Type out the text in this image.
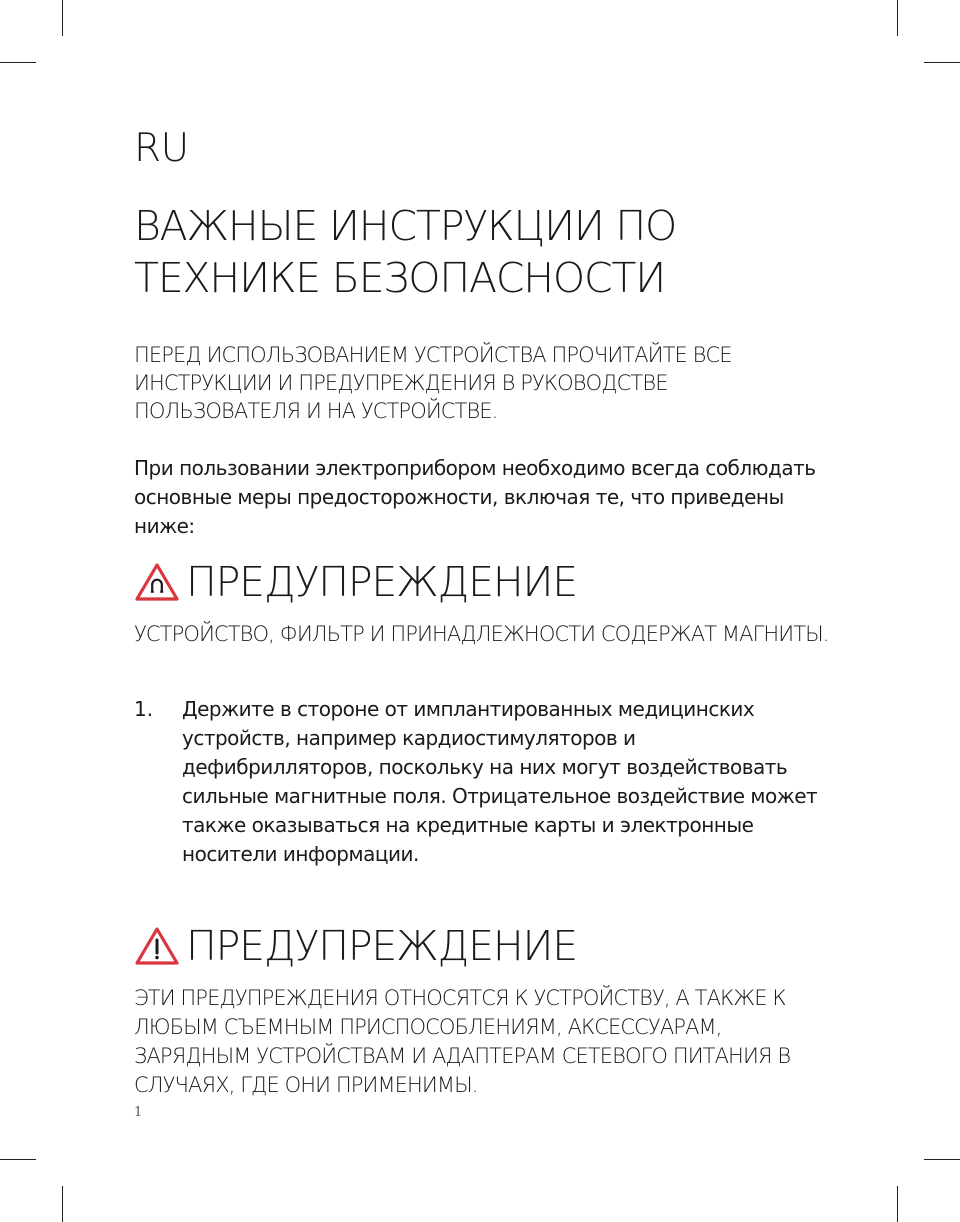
RU
ВАЖНЫЕ ИНСТРУКЦИИ ПО ТЕХНИКЕ БЕЗОПАСНОСТИ
ПЕРЕД ИСПОЛЬЗОВАНИЕМ УСТРОЙСТВА ПРОЧИТАЙТЕ ВСЕ ИНСТРУКЦИИ И ПРЕДУПРЕЖДЕНИЯ В РУКОВОДСТВЕ ПОЛЬЗОВАТЕЛЯ И НА УСТРОЙСТВЕ.
При пользовании электроприбором необходимо всегда соблюдать основные меры предосторожности, включая те, что приведены ниже:
ПРЕДУПРЕЖДЕНИЕ
УСТРОЙСТВО, ФИЛЬТР И ПРИНАДЛЕЖНОСТИ СОДЕРЖАТ МАГНИТЫ.
1.	Держите в стороне от имплантированных медицинских устройств, например кардиостимуляторов и дефибрилляторов, поскольку на них могут воздействовать сильные магнитные поля. Отрицательное воздействие может также оказываться на кредитные карты и электронные носители информации.
ПРЕДУПРЕЖДЕНИЕ
ЭТИ ПРЕДУПРЕЖДЕНИЯ ОТНОСЯТСЯ К УСТРОЙСТВУ, А ТАКЖЕ К ЛЮБЫМ СЪЕМНЫМ ПРИСПОСОБЛЕНИЯМ, АКСЕССУАРАМ, ЗАРЯДНЫМ УСТРОЙСТВАМ И АДАПТЕРАМ СЕТЕВОГО ПИТАНИЯ В СЛУЧАЯХ, ГДЕ ОНИ ПРИМЕНИМЫ.
1
